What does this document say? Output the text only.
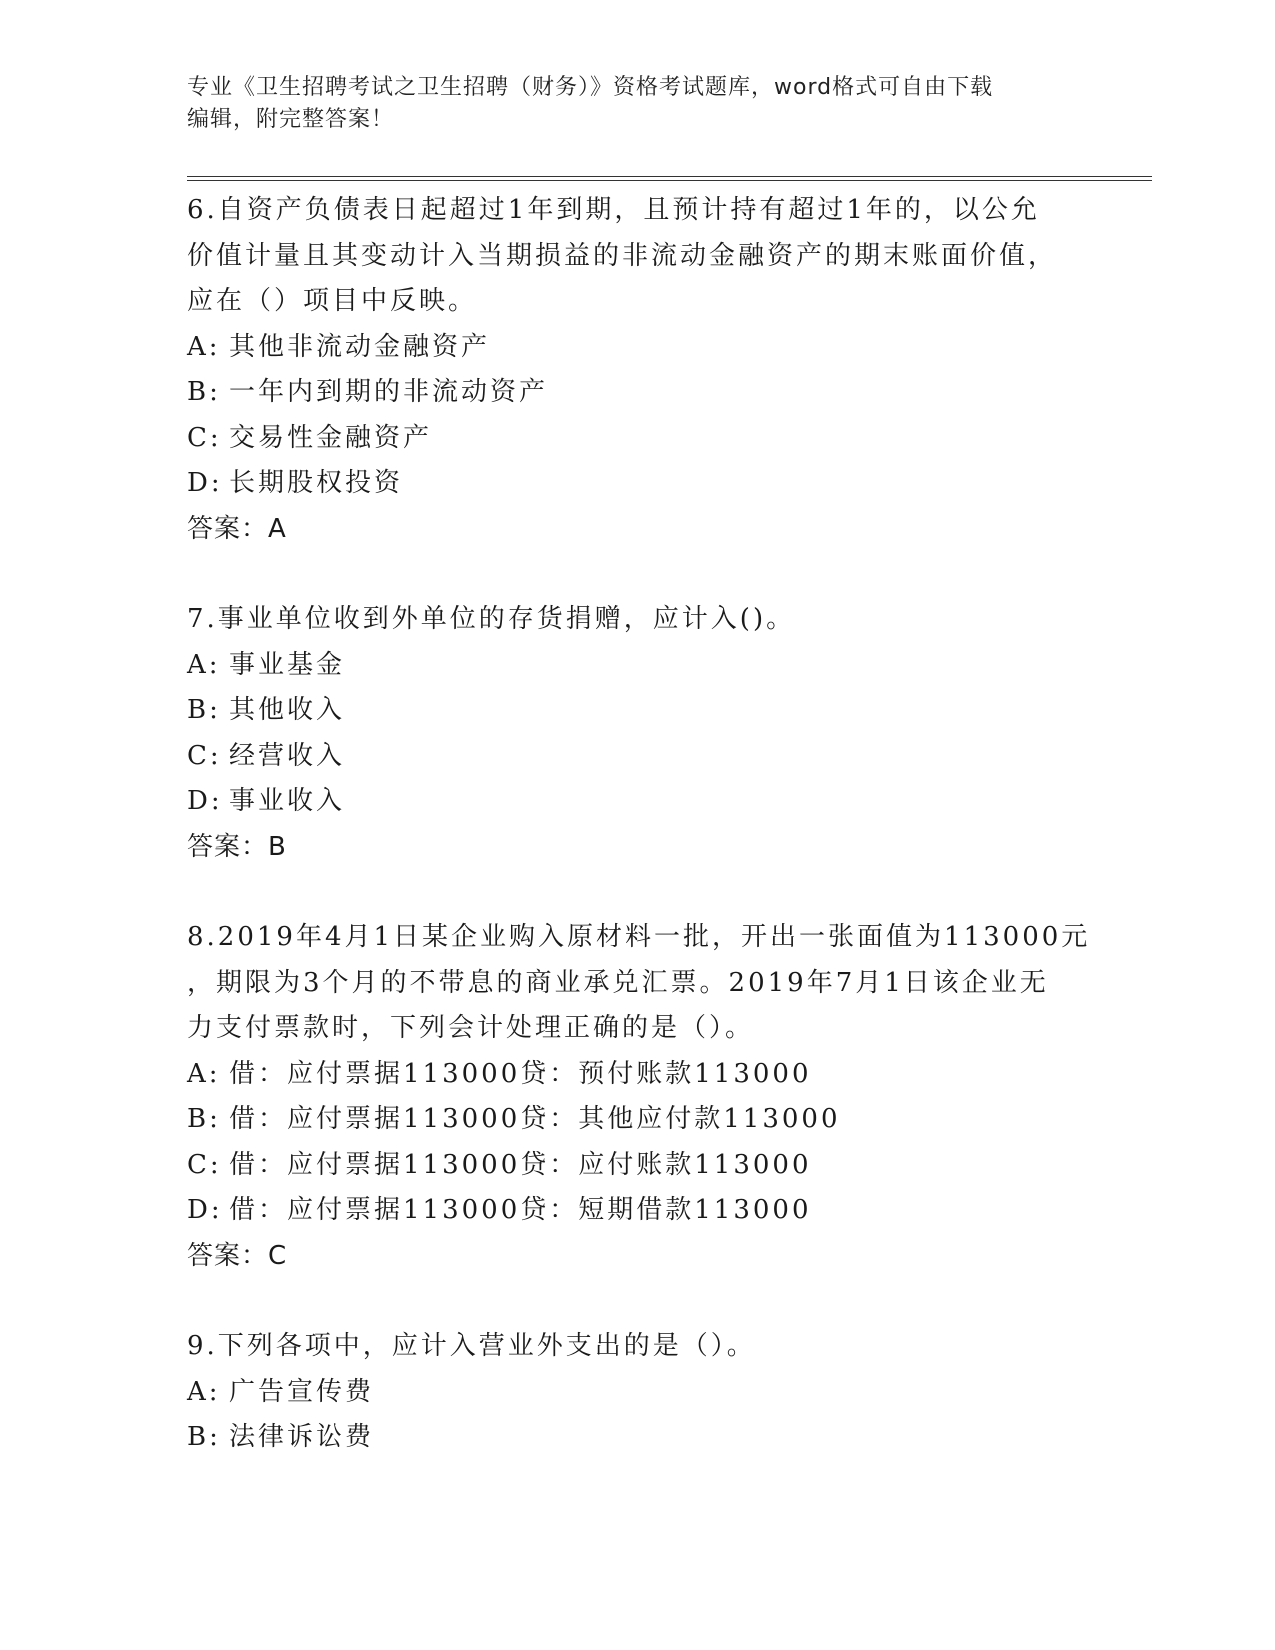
专业《卫生招聘考试之卫生招聘（财务）》资格考试题库，word格式可自由下载
编辑，附完整答案！

6.自资产负债表日起超过1年到期，且预计持有超过1年的，以公允

价值计量且其变动计入当期损益的非流动金融资产的期末账面价值，

应在（）项目中反映。

A: 其他非流动金融资产

B: 一年内到期的非流动资产

C: 交易性金融资产

D: 长期股权投资

答案：A

7.事业单位收到外单位的存货捐赠，应计入()。

A: 事业基金

B: 其他收入

C: 经营收入

D: 事业收入

答案：B

8.2019年4月1日某企业购入原材料一批，开出一张面值为113000元

，期限为3个月的不带息的商业承兑汇票。2019年7月1日该企业无

力支付票款时，下列会计处理正确的是（）。

A: 借：应付票据113000贷：预付账款113000

B: 借：应付票据113000贷：其他应付款113000

C: 借：应付票据113000贷：应付账款113000

D: 借：应付票据113000贷：短期借款113000

答案：C

9.下列各项中，应计入营业外支出的是（）。

A: 广告宣传费

B: 法律诉讼费
